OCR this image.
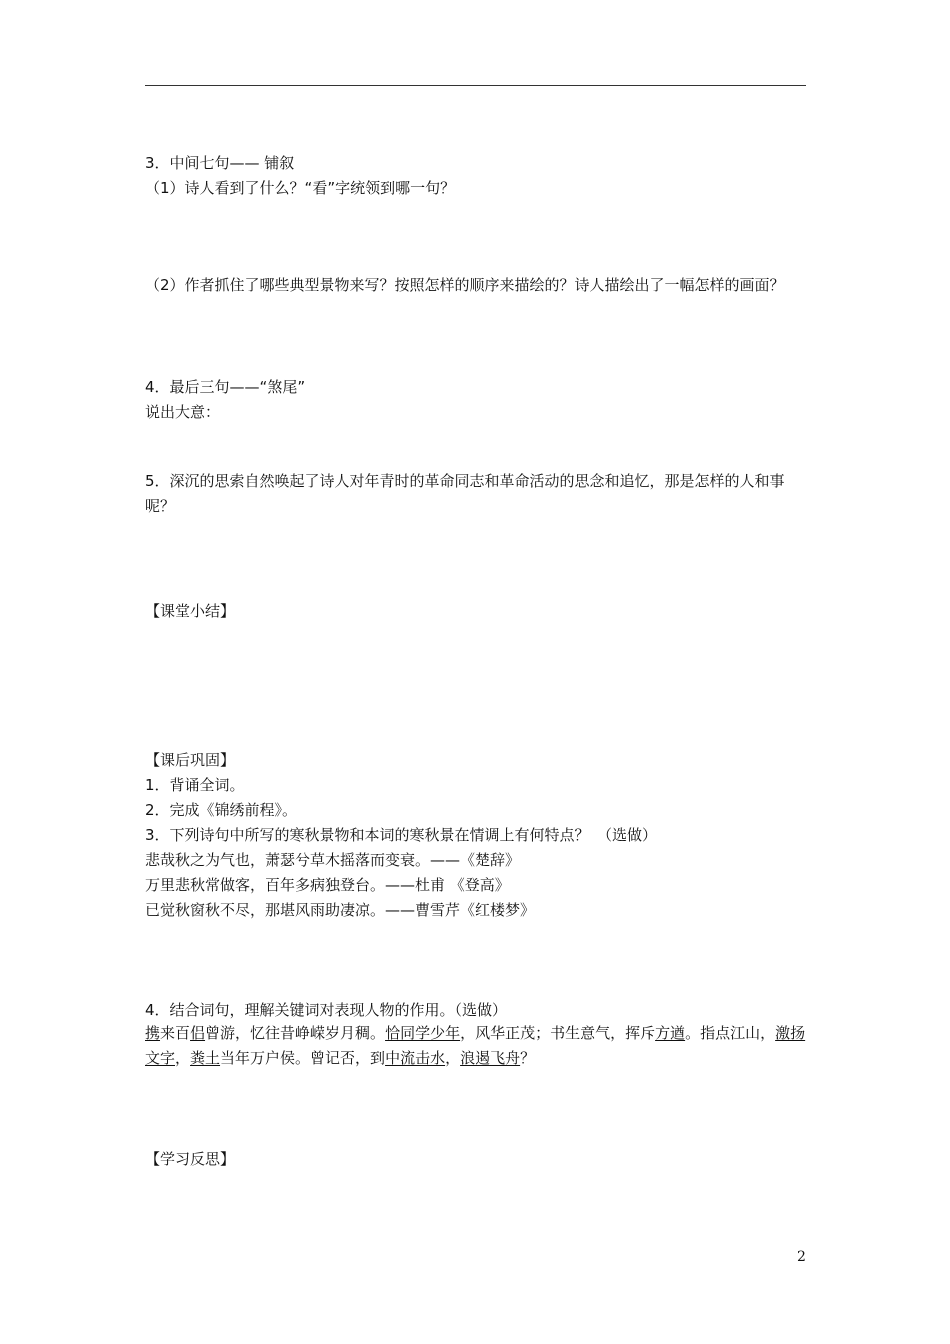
3．中间七句—— 铺叙
（1）诗人看到了什么？“看”字统领到哪一句？
（2）作者抓住了哪些典型景物来写？按照怎样的顺序来描绘的？诗人描绘出了一幅怎样的画面？
4．最后三句——“煞尾”
说出大意：
5．深沉的思索自然唤起了诗人对年青时的革命同志和革命活动的思念和追忆，那是怎样的人和事呢？
【课堂小结】
【课后巩固】
1．背诵全词。
2．完成《锦绣前程》。
3．下列诗句中所写的寒秋景物和本词的寒秋景在情调上有何特点？　（选做）
悲哉秋之为气也，萧瑟兮草木摇落而变衰。——《楚辞》
万里悲秋常做客，百年多病独登台。——杜甫 《登高》
已觉秋窗秋不尽，那堪风雨助凄凉。——曹雪芹《红楼梦》
4．结合词句，理解关键词对表现人物的作用。（选做）
携来百侣曾游，忆往昔峥嵘岁月稠。恰同学少年，风华正茂；书生意气，挥斥方遒。指点江山，激扬文字，粪土当年万户侯。曾记否，到中流击水，浪遏飞舟？
【学习反思】
2
